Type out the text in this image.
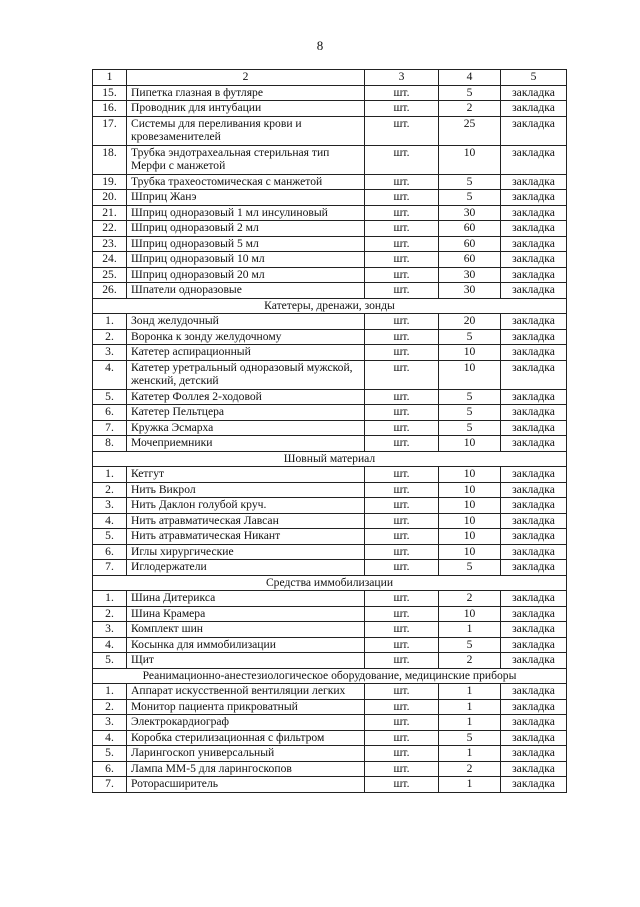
8
1	2	3	4	5
15.	Пипетка глазная в футляре	шт.	5	закладка
16.	Проводник для интубации	шт.	2	закладка
17.	Системы для переливания крови и кровезаменителей	шт.	25	закладка
18.	Трубка эндотрахеальная стерильная тип Мерфи с манжетой	шт.	10	закладка
19.	Трубка трахеостомическая с манжетой	шт.	5	закладка
20.	Шприц Жанэ	шт.	5	закладка
21.	Шприц одноразовый 1 мл инсулиновый	шт.	30	закладка
22.	Шприц одноразовый 2 мл	шт.	60	закладка
23.	Шприц одноразовый 5 мл	шт.	60	закладка
24.	Шприц одноразовый 10 мл	шт.	60	закладка
25.	Шприц одноразовый 20 мл	шт.	30	закладка
26.	Шпатели одноразовые	шт.	30	закладка
Катетеры, дренажи, зонды				
1.	Зонд желудочный	шт.	20	закладка
2.	Воронка к зонду желудочному	шт.	5	закладка
3.	Катетер аспирационный	шт.	10	закладка
4.	Катетер уретральный одноразовый мужской, женский, детский	шт.	10	закладка
5.	Катетер Фоллея 2-ходовой	шт.	5	закладка
6.	Катетер Пельтцера	шт.	5	закладка
7.	Кружка Эсмарха	шт.	5	закладка
8.	Мочеприемники	шт.	10	закладка
Шовный материал				
1.	Кетгут	шт.	10	закладка
2.	Нить Викрол	шт.	10	закладка
3.	Нить Даклон голубой круч.	шт.	10	закладка
4.	Нить атравматическая Лавсан	шт.	10	закладка
5.	Нить атравматическая Никант	шт.	10	закладка
6.	Иглы хирургические	шт.	10	закладка
7.	Иглодержатели	шт.	5	закладка
Средства иммобилизации				
1.	Шина Дитерикса	шт.	2	закладка
2.	Шина Крамера	шт.	10	закладка
3.	Комплект шин	шт.	1	закладка
4.	Косынка для иммобилизации	шт.	5	закладка
5.	Щит	шт.	2	закладка
Реанимационно-анестезиологическое оборудование, медицинские приборы				
1.	Аппарат искусственной вентиляции легких	шт.	1	закладка
2.	Монитор пациента прикроватный	шт.	1	закладка
3.	Электрокардиограф	шт.	1	закладка
4.	Коробка стерилизационная с фильтром	шт.	5	закладка
5.	Ларингоскоп универсальный	шт.	1	закладка
6.	Лампа ММ-5 для ларингоскопов	шт.	2	закладка
7.	Роторасширитель	шт.	1	закладка
